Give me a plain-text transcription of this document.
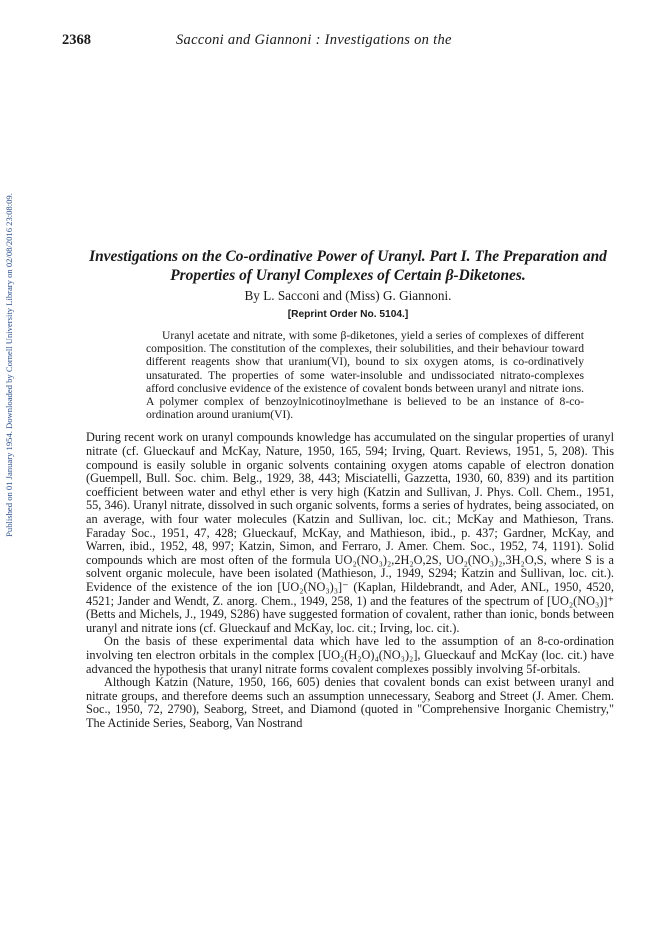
Published on 01 January 1954. Downloaded by Cornell University Library on 02/08/2016 23:08:09.
2368	Sacconi and Giannoni : Investigations on the
Investigations on the Co-ordinative Power of Uranyl. Part I. The Preparation and Properties of Uranyl Complexes of Certain β-Diketones.

By L. Sacconi and (Miss) G. Giannoni.

[Reprint Order No. 5104.]

Uranyl acetate and nitrate, with some β-diketones, yield a series of complexes of different composition. The constitution of the complexes, their solubilities, and their behaviour toward different reagents show that uranium(VI), bound to six oxygen atoms, is co-ordinatively unsaturated. The properties of some water-insoluble and undissociated nitrato-complexes afford conclusive evidence of the existence of covalent bonds between uranyl and nitrate ions. A polymer complex of benzoylnicotinoylmethane is believed to be an instance of 8-co-ordination around uranium(VI).

During recent work on uranyl compounds knowledge has accumulated on the singular properties of uranyl nitrate (cf. Glueckauf and McKay, Nature, 1950, 165, 594; Irving, Quart. Reviews, 1951, 5, 208). This compound is easily soluble in organic solvents containing oxygen atoms capable of electron donation (Guempell, Bull. Soc. chim. Belg., 1929, 38, 443; Misciatelli, Gazzetta, 1930, 60, 839) and its partition coefficient between water and ethyl ether is very high (Katzin and Sullivan, J. Phys. Coll. Chem., 1951, 55, 346). Uranyl nitrate, dissolved in such organic solvents, forms a series of hydrates, being associated, on an average, with four water molecules (Katzin and Sullivan, loc. cit.; McKay and Mathieson, Trans. Faraday Soc., 1951, 47, 428; Glueckauf, McKay, and Mathieson, ibid., p. 437; Gardner, McKay, and Warren, ibid., 1952, 48, 997; Katzin, Simon, and Ferraro, J. Amer. Chem. Soc., 1952, 74, 1191). Solid compounds which are most often of the formula UO₂(NO₃)₂,2H₂O,2S, UO₂(NO₃)₂,3H₂O,S, where S is a solvent organic molecule, have been isolated (Mathieson, J., 1949, S294; Katzin and Sullivan, loc. cit.). Evidence of the existence of the ion [UO₂(NO₃)₃]⁻ (Kaplan, Hildebrandt, and Ader, ANL, 1950, 4520, 4521; Jander and Wendt, Z. anorg. Chem., 1949, 258, 1) and the features of the spectrum of [UO₂(NO₃)]⁺ (Betts and Michels, J., 1949, S286) have suggested formation of covalent, rather than ionic, bonds between uranyl and nitrate ions (cf. Glueckauf and McKay, loc. cit.; Irving, loc. cit.).

On the basis of these experimental data which have led to the assumption of an 8-co-ordination involving ten electron orbitals in the complex [UO₂(H₂O)₄(NO₃)₂], Glueckauf and McKay (loc. cit.) have advanced the hypothesis that uranyl nitrate forms covalent complexes possibly involving 5f-orbitals.

Although Katzin (Nature, 1950, 166, 605) denies that covalent bonds can exist between uranyl and nitrate groups, and therefore deems such an assumption unnecessary, Seaborg and Street (J. Amer. Chem. Soc., 1950, 72, 2790), Seaborg, Street, and Diamond (quoted in "Comprehensive Inorganic Chemistry," The Actinide Series, Seaborg, Van Nostrand
